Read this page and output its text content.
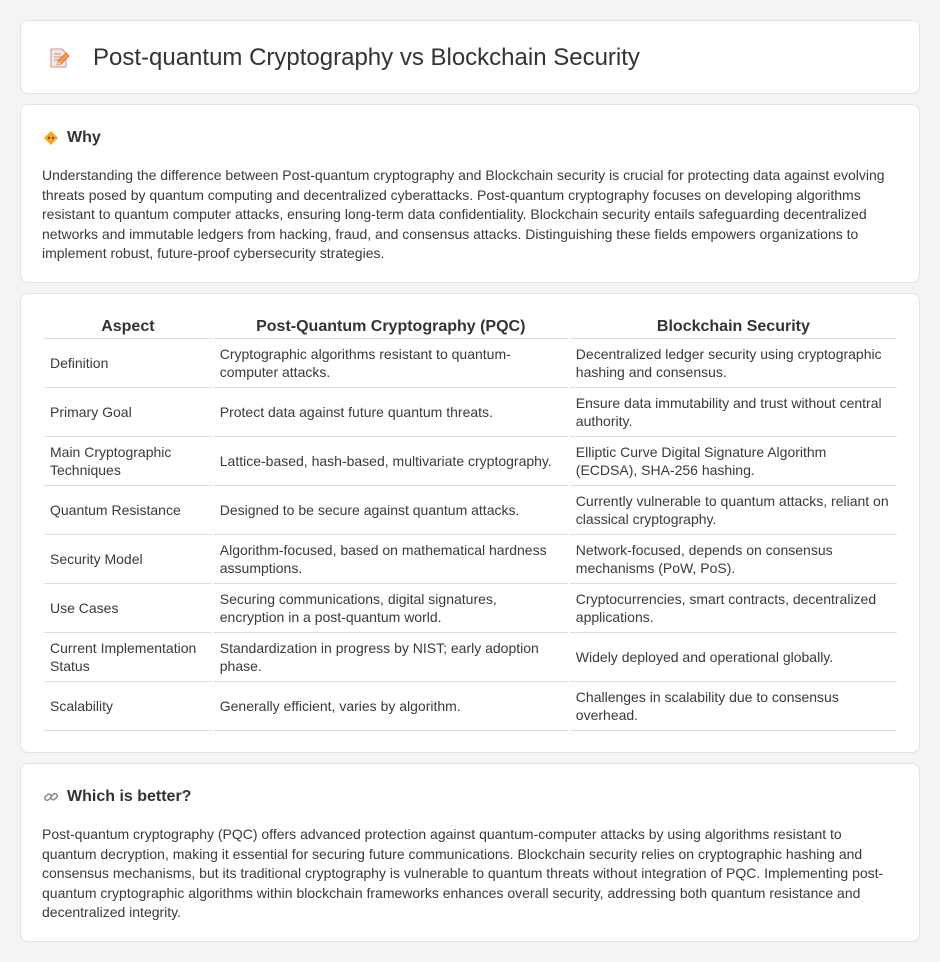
Post-quantum Cryptography vs Blockchain Security
Why

Understanding the difference between Post-quantum cryptography and Blockchain security is crucial for protecting data against evolving threats posed by quantum computing and decentralized cyberattacks. Post-quantum cryptography focuses on developing algorithms resistant to quantum computer attacks, ensuring long-term data confidentiality. Blockchain security entails safeguarding decentralized networks and immutable ledgers from hacking, fraud, and consensus attacks. Distinguishing these fields empowers organizations to implement robust, future-proof cybersecurity strategies.

Aspect	Post-Quantum Cryptography (PQC)	Blockchain Security
Definition	Cryptographic algorithms resistant to quantum-computer attacks.	Decentralized ledger security using cryptographic hashing and consensus.
Primary Goal	Protect data against future quantum threats.	Ensure data immutability and trust without central authority.
Main Cryptographic Techniques	Lattice-based, hash-based, multivariate cryptography.	Elliptic Curve Digital Signature Algorithm (ECDSA), SHA-256 hashing.
Quantum Resistance	Designed to be secure against quantum attacks.	Currently vulnerable to quantum attacks, reliant on classical cryptography.
Security Model	Algorithm-focused, based on mathematical hardness assumptions.	Network-focused, depends on consensus mechanisms (PoW, PoS).
Use Cases	Securing communications, digital signatures, encryption in a post-quantum world.	Cryptocurrencies, smart contracts, decentralized applications.
Current Implementation Status	Standardization in progress by NIST; early adoption phase.	Widely deployed and operational globally.
Scalability	Generally efficient, varies by algorithm.	Challenges in scalability due to consensus overhead.
Which is better?

Post-quantum cryptography (PQC) offers advanced protection against quantum-computer attacks by using algorithms resistant to quantum decryption, making it essential for securing future communications. Blockchain security relies on cryptographic hashing and consensus mechanisms, but its traditional cryptography is vulnerable to quantum threats without integration of PQC. Implementing post-quantum cryptographic algorithms within blockchain frameworks enhances overall security, addressing both quantum resistance and decentralized integrity.
